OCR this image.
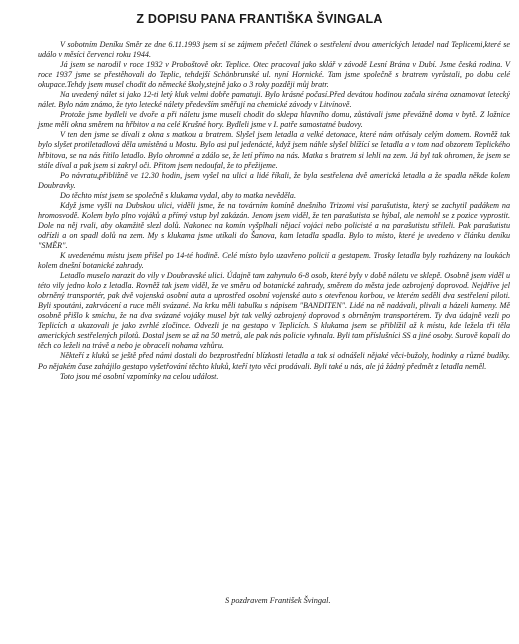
Z DOPISU PANA FRANTIŠKA ŠVINGALA

V sobotním Deníku Směr ze dne 6.11.1993 jsem si se zájmem přečetl článek o sestřelení dvou amerických letadel nad Teplicemi,které se událo v měsíci červenci roku 1944.

Já jsem se narodil v roce 1932 v Proboštově okr. Teplice. Otec pracoval jako sklář v závodě Lesní Brána v Dubí. Jsme česká rodina. V roce 1937 jsme se přestěhovali do Teplic, tehdejší Schönbrunské ul. nyní Hornické. Tam jsme společně s bratrem vyrůstali, po dobu celé okupace.Tehdy jsem musel chodit do německé školy,stejně jako o 3 roky později můj bratr.

Na uvedený nálet si jako 12-ti letý kluk velmi dobře pamatuji. Bylo krásné počasí.Před devátou hodinou začala siréna oznamovat letecký nálet. Bylo nám známo, že tyto letecké nálety především směřují na chemické závody v Litvínově.

Protože jsme bydleli ve dvoře a při náletu jsme museli chodit do sklepa hlavního domu, zůstávali jsme převážně doma v bytě. Z ložnice jsme měli okna směrem na hřbitov a na celé Krušné hory. Bydleli jsme v I. patře samostatné budovy.

V ten den jsme se dívali z okna s matkou a bratrem. Slyšel jsem letadla a velké detonace, které nám otřásaly celým domem. Rovněž tak bylo slyšet protiletadlová děla umístěná u Mostu. Bylo asi pul jedenácté, když jsem náhle slyšel blížící se letadla a v tom nad obzorem Teplického hřbitova, se na nás řítilo letadlo. Bylo ohromné a zdálo se, že letí přímo na nás. Matka s bratrem si lehli na zem. Já byl tak ohromen, že jsem se stále díval a pak jsem si zakryl oči. Přitom jsem nedoufal, že to přežijeme.

Po návratu,přibližně ve 12.30 hodin, jsem vyšel na ulici a lidé říkali, že byla sestřelena dvě americká letadla a že spadla někde kolem Doubravky.

Do těchto míst jsem se společně s klukama vydal, aby to matka nevěděla.

Když jsme vyšli na Dubskou ulici, viděli jsme, že na továrním komíně dnešního Trizomi visí parašutista, který se zachytil padákem na hromosvodě. Kolem bylo plno vojáků a přímý vstup byl zakázán. Jenom jsem viděl, že ten parašutista se hýbal, ale nemohl se z pozice vyprostit. Dole na něj rvali, aby okamžitě slezl dolů. Nakonec na komín vyšplhali nějací vojáci nebo policisté a na parašutistu střileli. Pak parašutistu odřízli a on spadl dolů na zem. My s klukama jsme utíkali do Šanova, kam letadla spadla. Bylo to místo, které je uvedeno v článku deníku "SMĚR".

K uvedenému místu jsem přišel po 14-té hodině. Celé místo bylo uzavřeno policií a gestapem. Trosky letadla byly rozházeny na loukách kolem dnešní botanické zahrady.

Letadlo muselo narazit do vily v Doubravské ulici. Údajně tam zahynulo 6-8 osob, které byly v době náletu ve sklepě. Osobně jsem viděl u této vily jedno kolo z letadla. Rovněž tak jsem viděl, že ve směru od botanické zahrady, směrem do města jede ozbrojený doprovod. Nejdříve jel obrněný transportér, pak dvě vojenská osobní auta a uprostřed osobní vojenské auto s otevřenou korbou, ve kterém seděli dva sestřelení piloti. Byli spoutáni, zakrvácení a ruce měli svázané. Na krku měli tabulku s nápisem "BANDITEN". Lidé na ně nadávali, plivali a házeli kameny. Mě osobně přišlo k smíchu, že na dva svázané vojáky musel být tak velký ozbrojený doprovod s obrněným transportérem. Ty dva údajně vezli po Teplicích a ukazovali je jako zvrhlé zločince. Odvezli je na gestapo v Teplicích. S klukama jsem se přiblížil až k místu, kde ležela tři těla amerických sestřelených pilotů. Dostal jsem se až na 50 metrů, ale pak nás policie vyhnala. Byli tam příslušníci SS a jiné osoby. Surově kopali do těch co leželi na trávě a nebo je obraceli nohama vzhůru.

Někteří z kluků se ještě před námi dostali do bezprostřední blízkosti letadla a tak si odnášeli nějaké věci-bužoly, hodinky a různé budíky. Po nějakém čase zahájilo gestapo vyšetřování těchto kluků, kteří tyto věci prodávali. Byli také u nás, ale já žádný předmět z letadla neměl.

Toto jsou mé osobní vzpomínky na celou událost.

S pozdravem František Švingal.
